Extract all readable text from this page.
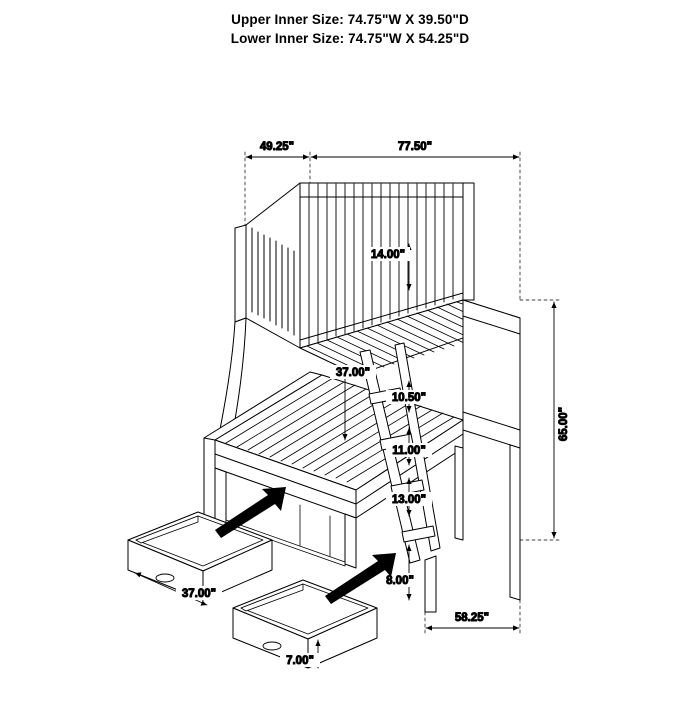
Upper Inner Size: 74.75"W X 39.50"D
Lower Inner Size: 74.75"W X 54.25"D
49.25"	77.50"
65.00"
58.25"
14.00"
37.00"
10.50"
11.00"
13.00"
8.00"
37.00"
7.00"
